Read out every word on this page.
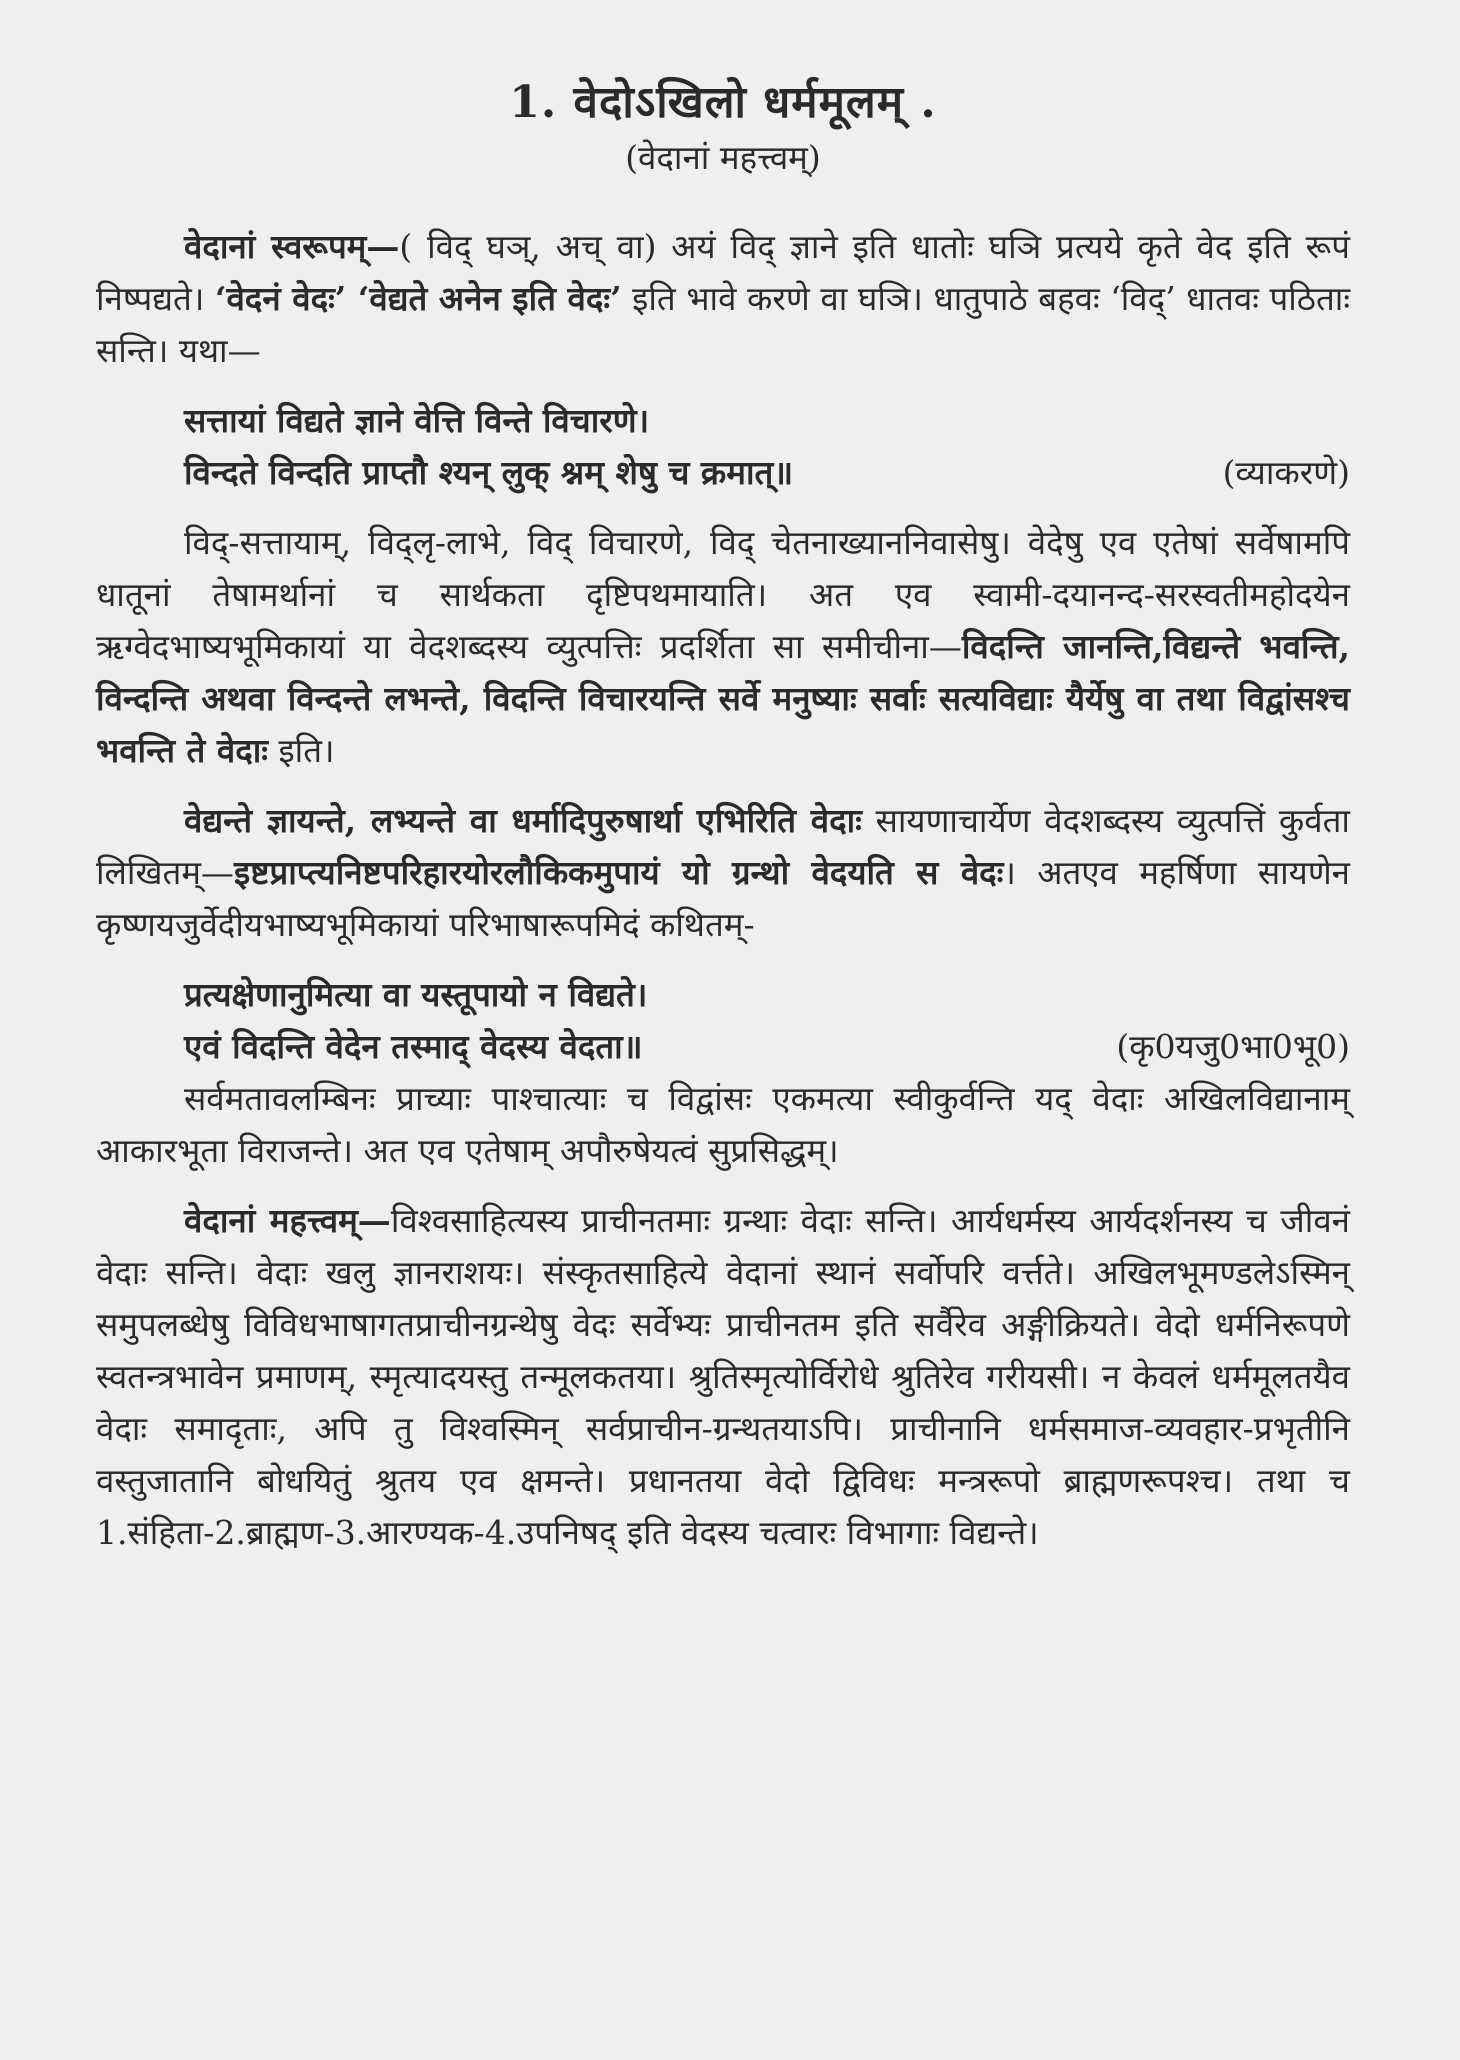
1. वेदोऽखिलो धर्ममूलम् .
(वेदानां महत्त्वम्)

वेदानां स्वरूपम्—( विद् घञ्, अच् वा) अयं विद् ज्ञाने इति धातोः घञि प्रत्यये कृते वेद इति रूपं निष्पद्यते। ‘वेदनं वेदः’ ‘वेद्यते अनेन इति वेदः’ इति भावे करणे वा घञि। धातुपाठे बहवः ‘विद्’ धातवः पठिताः सन्ति। यथा—

सत्तायां विद्यते ज्ञाने वेत्ति विन्ते विचारणे।
विन्दते विन्दति प्राप्तौ श्यन् लुक् श्नम् शेषु च क्रमात्॥	(व्याकरणे)

विद्-सत्तायाम्, विद्लृ-लाभे, विद् विचारणे, विद् चेतनाख्याननिवासेषु। वेदेषु एव एतेषां सर्वेषामपि धातूनां तेषामर्थानां च सार्थकता दृष्टिपथमायाति। अत एव स्वामी-दयानन्द-सरस्वतीमहोदयेन ऋग्वेदभाष्यभूमिकायां या वेदशब्दस्य व्युत्पत्तिः प्रदर्शिता सा समीचीना—विदन्ति जानन्ति,विद्यन्ते भवन्ति, विन्दन्ति अथवा विन्दन्ते लभन्ते, विदन्ति विचारयन्ति सर्वे मनुष्याः सर्वाः सत्यविद्याः यैर्येषु वा तथा विद्वांसश्च भवन्ति ते वेदाः इति।

वेद्यन्ते ज्ञायन्ते, लभ्यन्ते वा धर्मादिपुरुषार्था एभिरिति वेदाः सायणाचार्येण वेदशब्दस्य व्युत्पत्तिं कुर्वता लिखितम्—इष्टप्राप्त्यनिष्टपरिहारयोरलौकिकमुपायं यो ग्रन्थो वेदयति स वेदः। अतएव महर्षिणा सायणेन कृष्णयजुर्वेदीयभाष्यभूमिकायां परिभाषारूपमिदं कथितम्-

प्रत्यक्षेणानुमित्या वा यस्तूपायो न विद्यते।
एवं विदन्ति वेदेन तस्माद् वेदस्य वेदता॥	(कृ0यजु0भा0भू0)

सर्वमतावलम्बिनः प्राच्याः पाश्चात्याः च विद्वांसः एकमत्या स्वीकुर्वन्ति यद् वेदाः अखिलविद्यानाम् आकारभूता विराजन्ते। अत एव एतेषाम् अपौरुषेयत्वं सुप्रसिद्धम्।

वेदानां महत्त्वम्—विश्वसाहित्यस्य प्राचीनतमाः ग्रन्थाः वेदाः सन्ति। आर्यधर्मस्य आर्यदर्शनस्य च जीवनं वेदाः सन्ति। वेदाः खलु ज्ञानराशयः। संस्कृतसाहित्ये वेदानां स्थानं सर्वोपरि वर्त्तते। अखिलभूमण्डलेऽस्मिन् समुपलब्धेषु विविधभाषागतप्राचीनग्रन्थेषु वेदः सर्वेभ्यः प्राचीनतम इति सर्वैरेव अङ्गीक्रियते। वेदो धर्मनिरूपणे स्वतन्त्रभावेन प्रमाणम्, स्मृत्यादयस्तु तन्मूलकतया। श्रुतिस्मृत्योर्विरोधे श्रुतिरेव गरीयसी। न केवलं धर्ममूलतयैव वेदाः समादृताः, अपि तु विश्वस्मिन् सर्वप्राचीन-ग्रन्थतयाऽपि। प्राचीनानि धर्मसमाज-व्यवहार-प्रभृतीनि वस्तुजातानि बोधयितुं श्रुतय एव क्षमन्ते। प्रधानतया वेदो द्विविधः मन्त्ररूपो ब्राह्मणरूपश्च। तथा च 1.संहिता-2.ब्राह्मण-3.आरण्यक-4.उपनिषद् इति वेदस्य चत्वारः विभागाः विद्यन्ते।
